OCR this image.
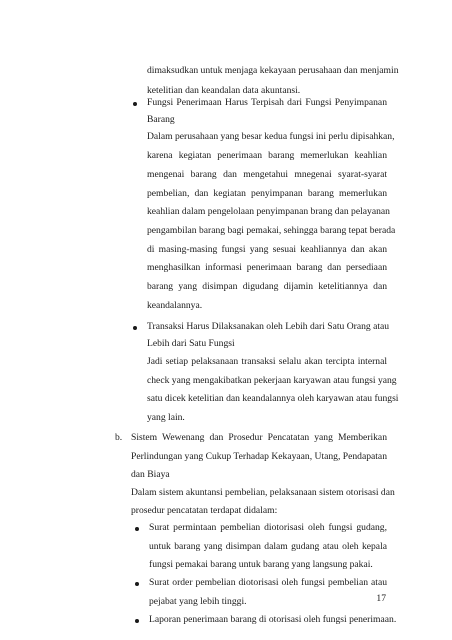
dimaksudkan untuk menjaga kekayaan perusahaan dan menjamin
ketelitian dan keandalan data akuntansi.
Fungsi Penerimaan Harus Terpisah dari Fungsi Penyimpanan
Barang
Dalam perusahaan yang besar kedua fungsi ini perlu dipisahkan,
karena kegiatan penerimaan barang memerlukan keahlian
mengenai barang dan mengetahui mnegenai syarat-syarat
pembelian, dan kegiatan penyimpanan barang memerlukan
keahlian dalam pengelolaan penyimpanan brang dan pelayanan
pengambilan barang bagi pemakai, sehingga barang tepat berada
di masing-masing fungsi yang sesuai keahliannya dan akan
menghasilkan informasi penerimaan barang dan persediaan
barang yang disimpan digudang dijamin ketelitiannya dan
keandalannya.
Transaksi Harus Dilaksanakan oleh Lebih dari Satu Orang atau
Lebih dari Satu Fungsi
Jadi setiap pelaksanaan transaksi selalu akan tercipta internal
check yang mengakibatkan pekerjaan karyawan atau fungsi yang
satu dicek ketelitian dan keandalannya oleh karyawan atau fungsi
yang lain.
b. Sistem Wewenang dan Prosedur Pencatatan yang Memberikan
Perlindungan yang Cukup Terhadap Kekayaan, Utang, Pendapatan
dan Biaya
Dalam sistem akuntansi pembelian, pelaksanaan sistem otorisasi dan
prosedur pencatatan terdapat didalam:
Surat permintaan pembelian diotorisasi oleh fungsi gudang,
untuk barang yang disimpan dalam gudang atau oleh kepala
fungsi pemakai barang untuk barang yang langsung pakai.
Surat order pembelian diotorisasi oleh fungsi pembelian atau
pejabat yang lebih tinggi.
Laporan penerimaan barang di otorisasi oleh fungsi penerimaan.
17
